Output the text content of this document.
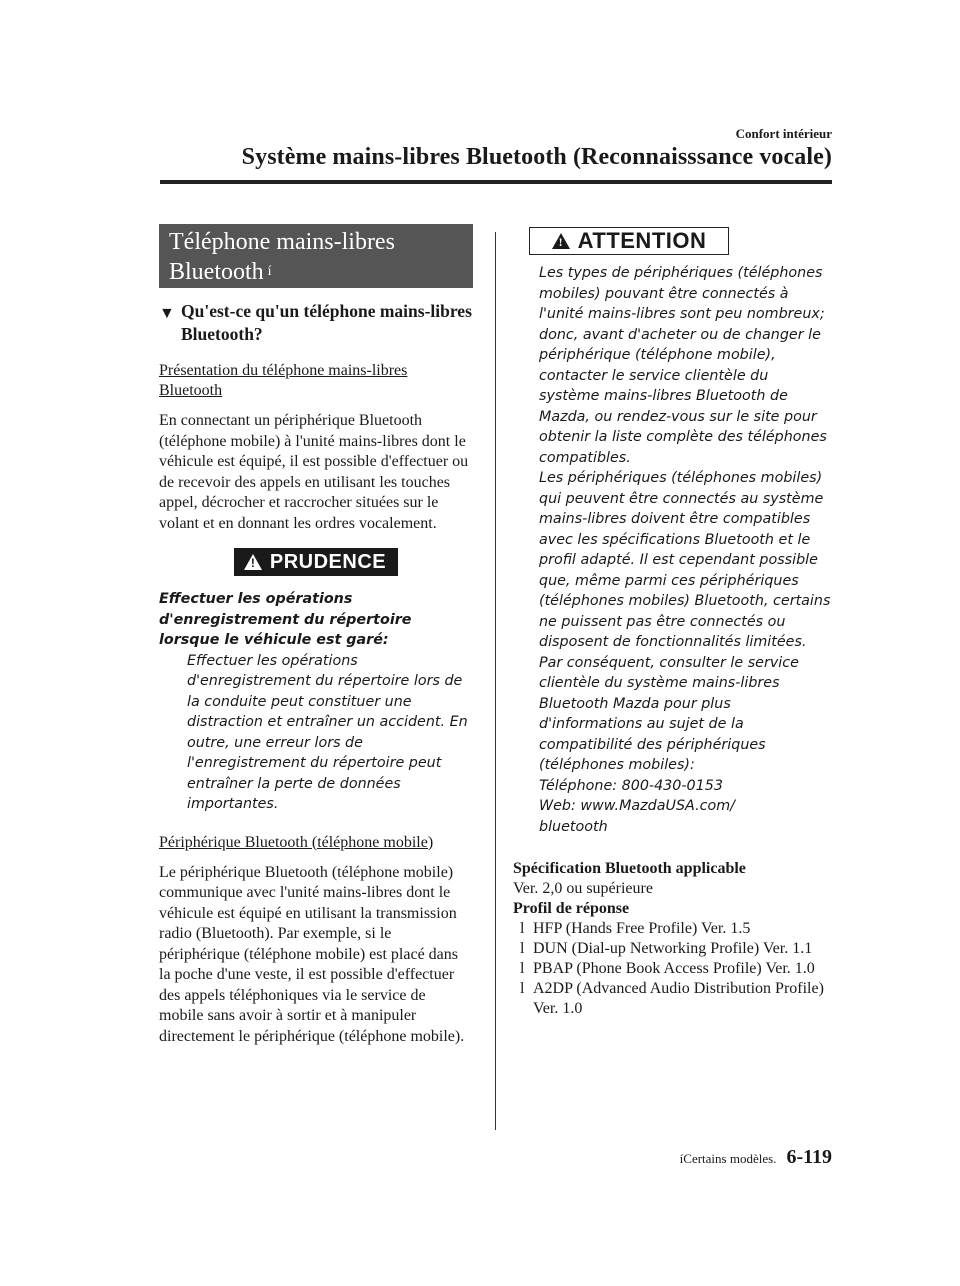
Confort intérieur
Système mains-libres Bluetooth (Reconnaisssance vocale)
Téléphone mains-libres
Bluetooth $^í$
▼ Qu'est-ce qu'un téléphone mains-libres Bluetooth?
Présentation du téléphone mains-libres Bluetooth
En connectant un périphérique Bluetooth (téléphone mobile) à l'unité mains-libres dont le véhicule est équipé, il est possible d'effectuer ou de recevoir des appels en utilisant les touches appel, décrocher et raccrocher situées sur le volant et en donnant les ordres vocalement.
!
PRUDENCE
Effectuer les opérations d'enregistrement du répertoire lorsque le véhicule est garé:
Effectuer les opérations d'enregistrement du répertoire lors de la conduite peut constituer une distraction et entraîner un accident. En outre, une erreur lors de l'enregistrement du répertoire peut entraîner la perte de données importantes.
Périphérique Bluetooth (téléphone mobile)
Le périphérique Bluetooth (téléphone mobile) communique avec l'unité mains-libres dont le véhicule est équipé en utilisant la transmission radio (Bluetooth). Par exemple, si le périphérique (téléphone mobile) est placé dans la poche d'une veste, il est possible d'effectuer des appels téléphoniques via le service de mobile sans avoir à sortir et à manipuler directement le périphérique (téléphone mobile).
!
ATTENTION
Les types de périphériques (téléphones mobiles) pouvant être connectés à l'unité mains-libres sont peu nombreux; donc, avant d'acheter ou de changer le périphérique (téléphone mobile), contacter le service clientèle du système mains-libres Bluetooth de Mazda, ou rendez-vous sur le site pour obtenir la liste complète des téléphones compatibles.
Les périphériques (téléphones mobiles) qui peuvent être connectés au système mains-libres doivent être compatibles avec les spécifications Bluetooth et le profil adapté. Il est cependant possible que, même parmi ces périphériques (téléphones mobiles) Bluetooth, certains ne puissent pas être connectés ou disposent de fonctionnalités limitées. Par conséquent, consulter le service clientèle du système mains-libres Bluetooth Mazda pour plus d'informations au sujet de la compatibilité des périphériques (téléphones mobiles):
Téléphone: 800-430-0153
Web: www.MazdaUSA.com/
bluetooth
Spécification Bluetooth applicable
Ver. 2,0 ou supérieure
Profil de réponse
l HFP (Hands Free Profile) Ver. 1.5
l DUN (Dial-up Networking Profile) Ver. 1.1
l PBAP (Phone Book Access Profile) Ver. 1.0
l A2DP (Advanced Audio Distribution Profile) Ver. 1.0
íCertains modèles. 6-119
